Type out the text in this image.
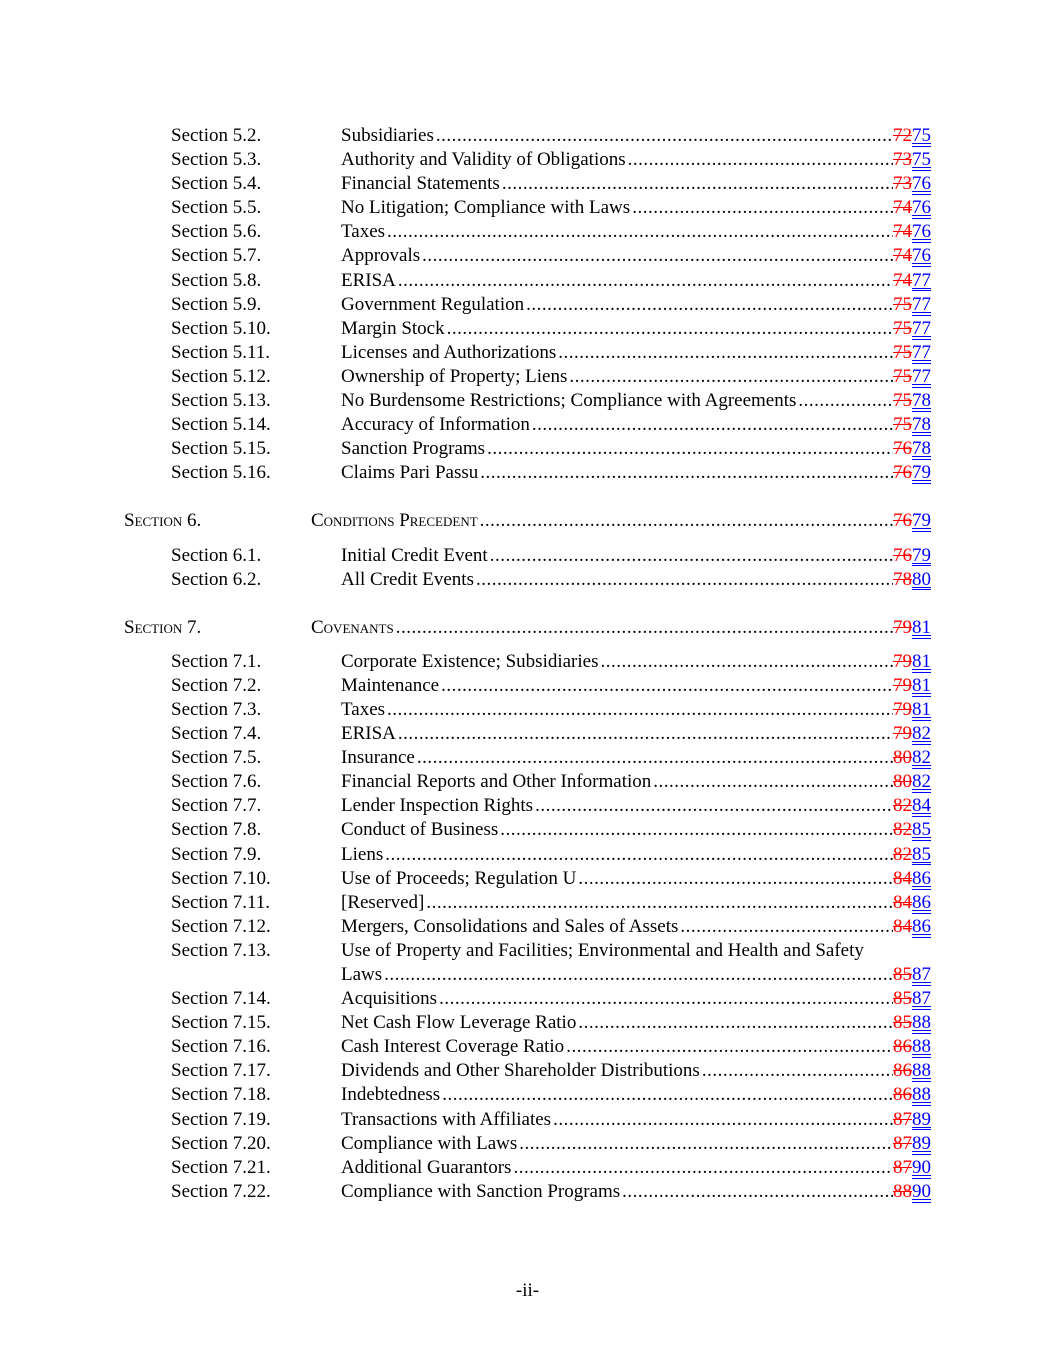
Section 5.2.	Subsidiaries .....	7275
Section 5.3.	Authority and Validity of Obligations .....	7375
Section 5.4.	Financial Statements .....	7376
Section 5.5.	No Litigation; Compliance with Laws .....	7476
Section 5.6.	Taxes .....	7476
Section 5.7.	Approvals .....	7476
Section 5.8.	ERISA .....	7477
Section 5.9.	Government Regulation .....	7577
Section 5.10.	Margin Stock .....	7577
Section 5.11.	Licenses and Authorizations .....	7577
Section 5.12.	Ownership of Property; Liens .....	7577
Section 5.13.	No Burdensome Restrictions; Compliance with Agreements .....	7578
Section 5.14.	Accuracy of Information .....	7578
Section 5.15.	Sanction Programs .....	7678
Section 5.16.	Claims Pari Passu .....	7679
Section 6.	Conditions Precedent .....	7679
Section 6.1.	Initial Credit Event .....	7679
Section 6.2.	All Credit Events .....	7880
Section 7.	Covenants .....	7981
Section 7.1.	Corporate Existence; Subsidiaries .....	7981
Section 7.2.	Maintenance .....	7981
Section 7.3.	Taxes .....	7981
Section 7.4.	ERISA .....	7982
Section 7.5.	Insurance .....	8082
Section 7.6.	Financial Reports and Other Information .....	8082
Section 7.7.	Lender Inspection Rights .....	8284
Section 7.8.	Conduct of Business .....	8285
Section 7.9.	Liens .....	8285
Section 7.10.	Use of Proceeds; Regulation U .....	8486
Section 7.11.	[Reserved] .....	8486
Section 7.12.	Mergers, Consolidations and Sales of Assets .....	8486
Section 7.13.	Use of Property and Facilities; Environmental and Health and Safety
Laws .....	8587
Section 7.14.	Acquisitions .....	8587
Section 7.15.	Net Cash Flow Leverage Ratio .....	8588
Section 7.16.	Cash Interest Coverage Ratio .....	8688
Section 7.17.	Dividends and Other Shareholder Distributions .....	8688
Section 7.18.	Indebtedness .....	8688
Section 7.19.	Transactions with Affiliates .....	8789
Section 7.20.	Compliance with Laws .....	8789
Section 7.21.	Additional Guarantors .....	8790
Section 7.22.	Compliance with Sanction Programs .....	8890
-ii-
